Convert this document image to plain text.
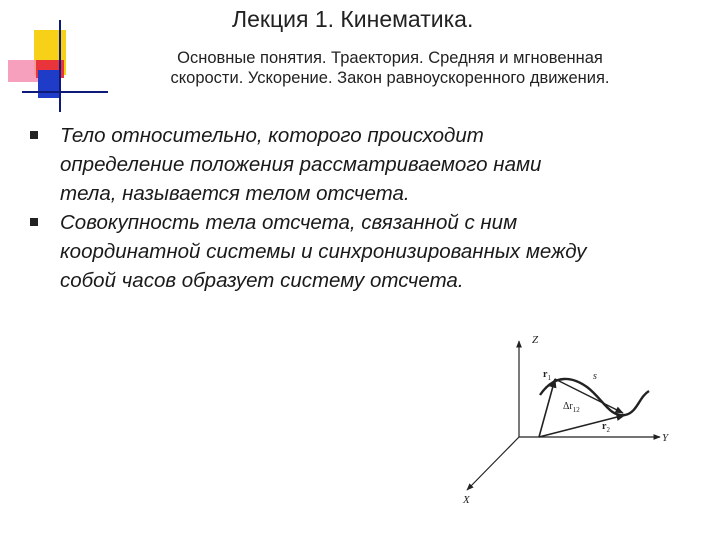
Лекция 1. Кинематика.
Основные понятия. Траектория. Средняя и мгновенная
скорости. Ускорение. Закон равноускоренного движения.
Тело относительно, которого происходит
определение положения рассматриваемого нами
тела, называется телом отсчета.
Совокупность тела отсчета, связанной с ним
координатной системы и синхронизированных между
собой часов образует систему отсчета.
Z
Y
X
$r_1$	s
$\Delta r_{12}$
$r_2$
